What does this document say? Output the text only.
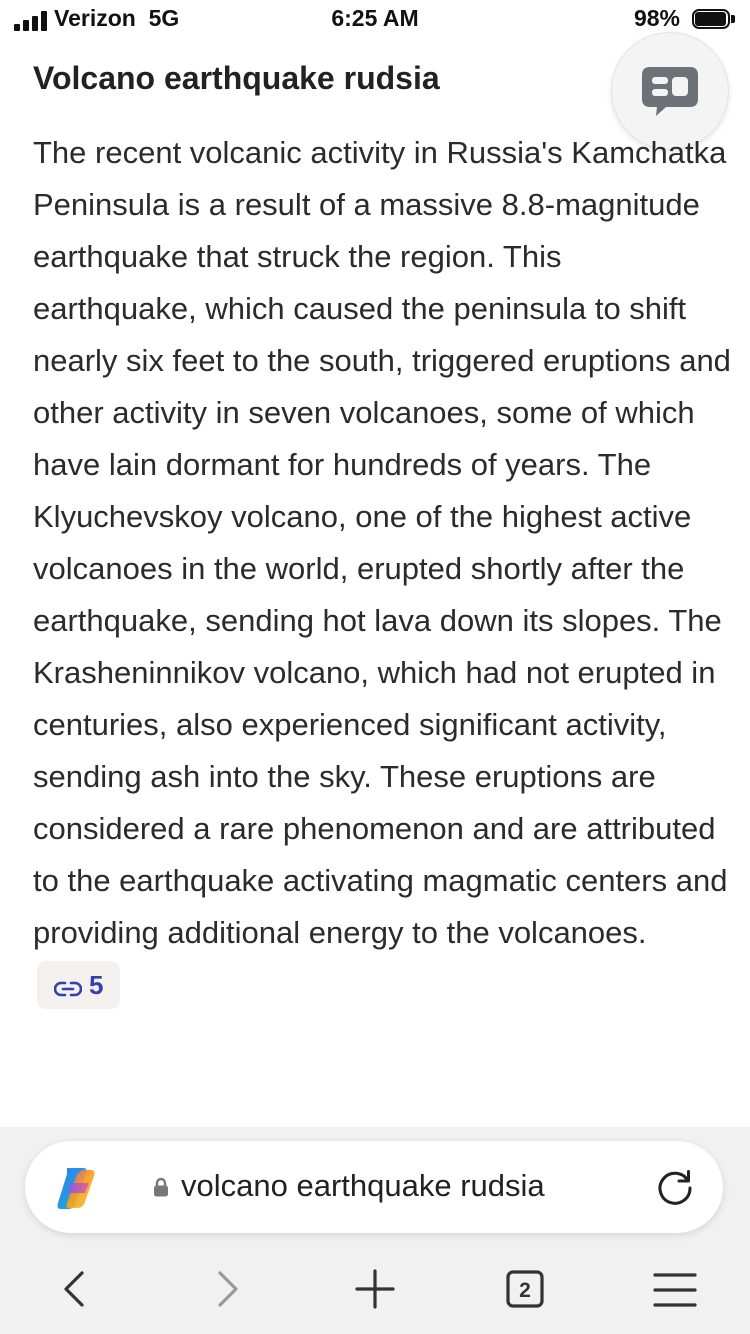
Verizon  5G	6:25 AM	98%
Volcano earthquake rudsia

The recent volcanic activity in Russia's Kamchatka Peninsula is a result of a massive 8.8-magnitude earthquake that struck the region. This earthquake, which caused the peninsula to shift nearly six feet to the south, triggered eruptions and other activity in seven volcanoes, some of which have lain dormant for hundreds of years. The Klyuchevskoy volcano, one of the highest active volcanoes in the world, erupted shortly after the earthquake, sending hot lava down its slopes. The Krasheninnikov volcano, which had not erupted in centuries, also experienced significant activity, sending ash into the sky. These eruptions are considered a rare phenomenon and are attributed to the earthquake activating magmatic centers and providing additional energy to the volcanoes. 5

volcano earthquake rudsia
2
